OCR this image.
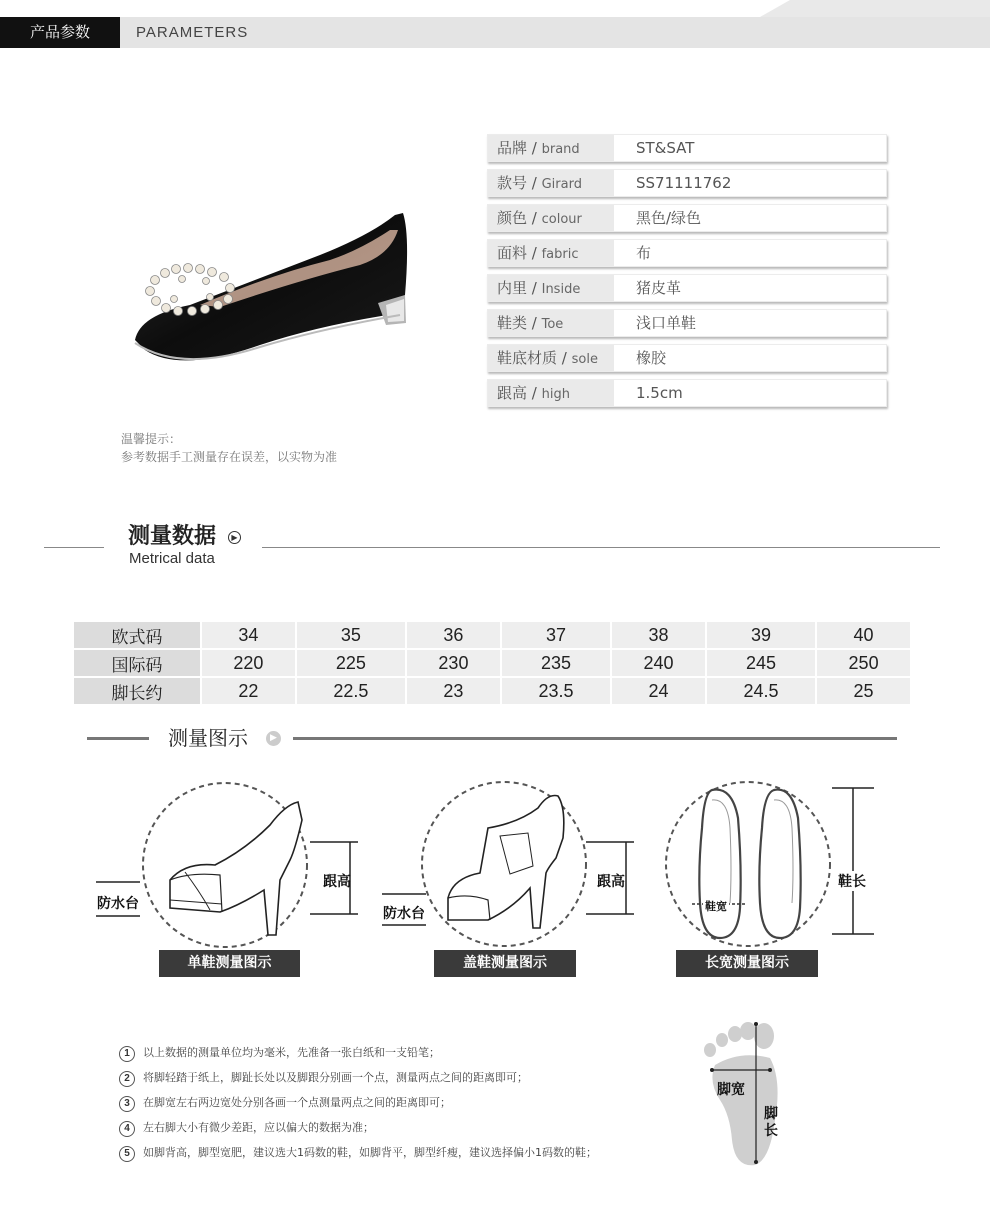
产品参数	PARAMETERS
品牌 / brand	ST&SAT
款号 / Girard	SS71111762
颜色 / colour	黑色/绿色
面料 / fabric	布
内里 / Inside	猪皮革
鞋类 / Toe	浅口单鞋
鞋底材质 / sole	橡胶
跟高 / high	1.5cm
温馨提示：
参考数据手工测量存在误差，以实物为准
测量数据	▶
Metrical data
欧式码	34	35	36	37	38	39	40
国际码	220	225	230	235	240	245	250
脚长约	22	22.5	23	23.5	24	24.5	25
测量图示	▶
跟高
防水台
单鞋测量图示
跟高
防水台
盖鞋测量图示
鞋宽
鞋长
长宽测量图示
1 以上数据的测量单位均为毫米，先准备一张白纸和一支铅笔；
2 将脚轻踏于纸上，脚趾长处以及脚跟分别画一个点，测量两点之间的距离即可；
3 在脚宽左右两边宽处分别各画一个点测量两点之间的距离即可；
4 左右脚大小有微少差距，应以偏大的数据为准；
5 如脚背高，脚型宽肥，建议选大1码数的鞋，如脚背平，脚型纤瘦，建议选择偏小1码数的鞋；
脚宽
脚
长
